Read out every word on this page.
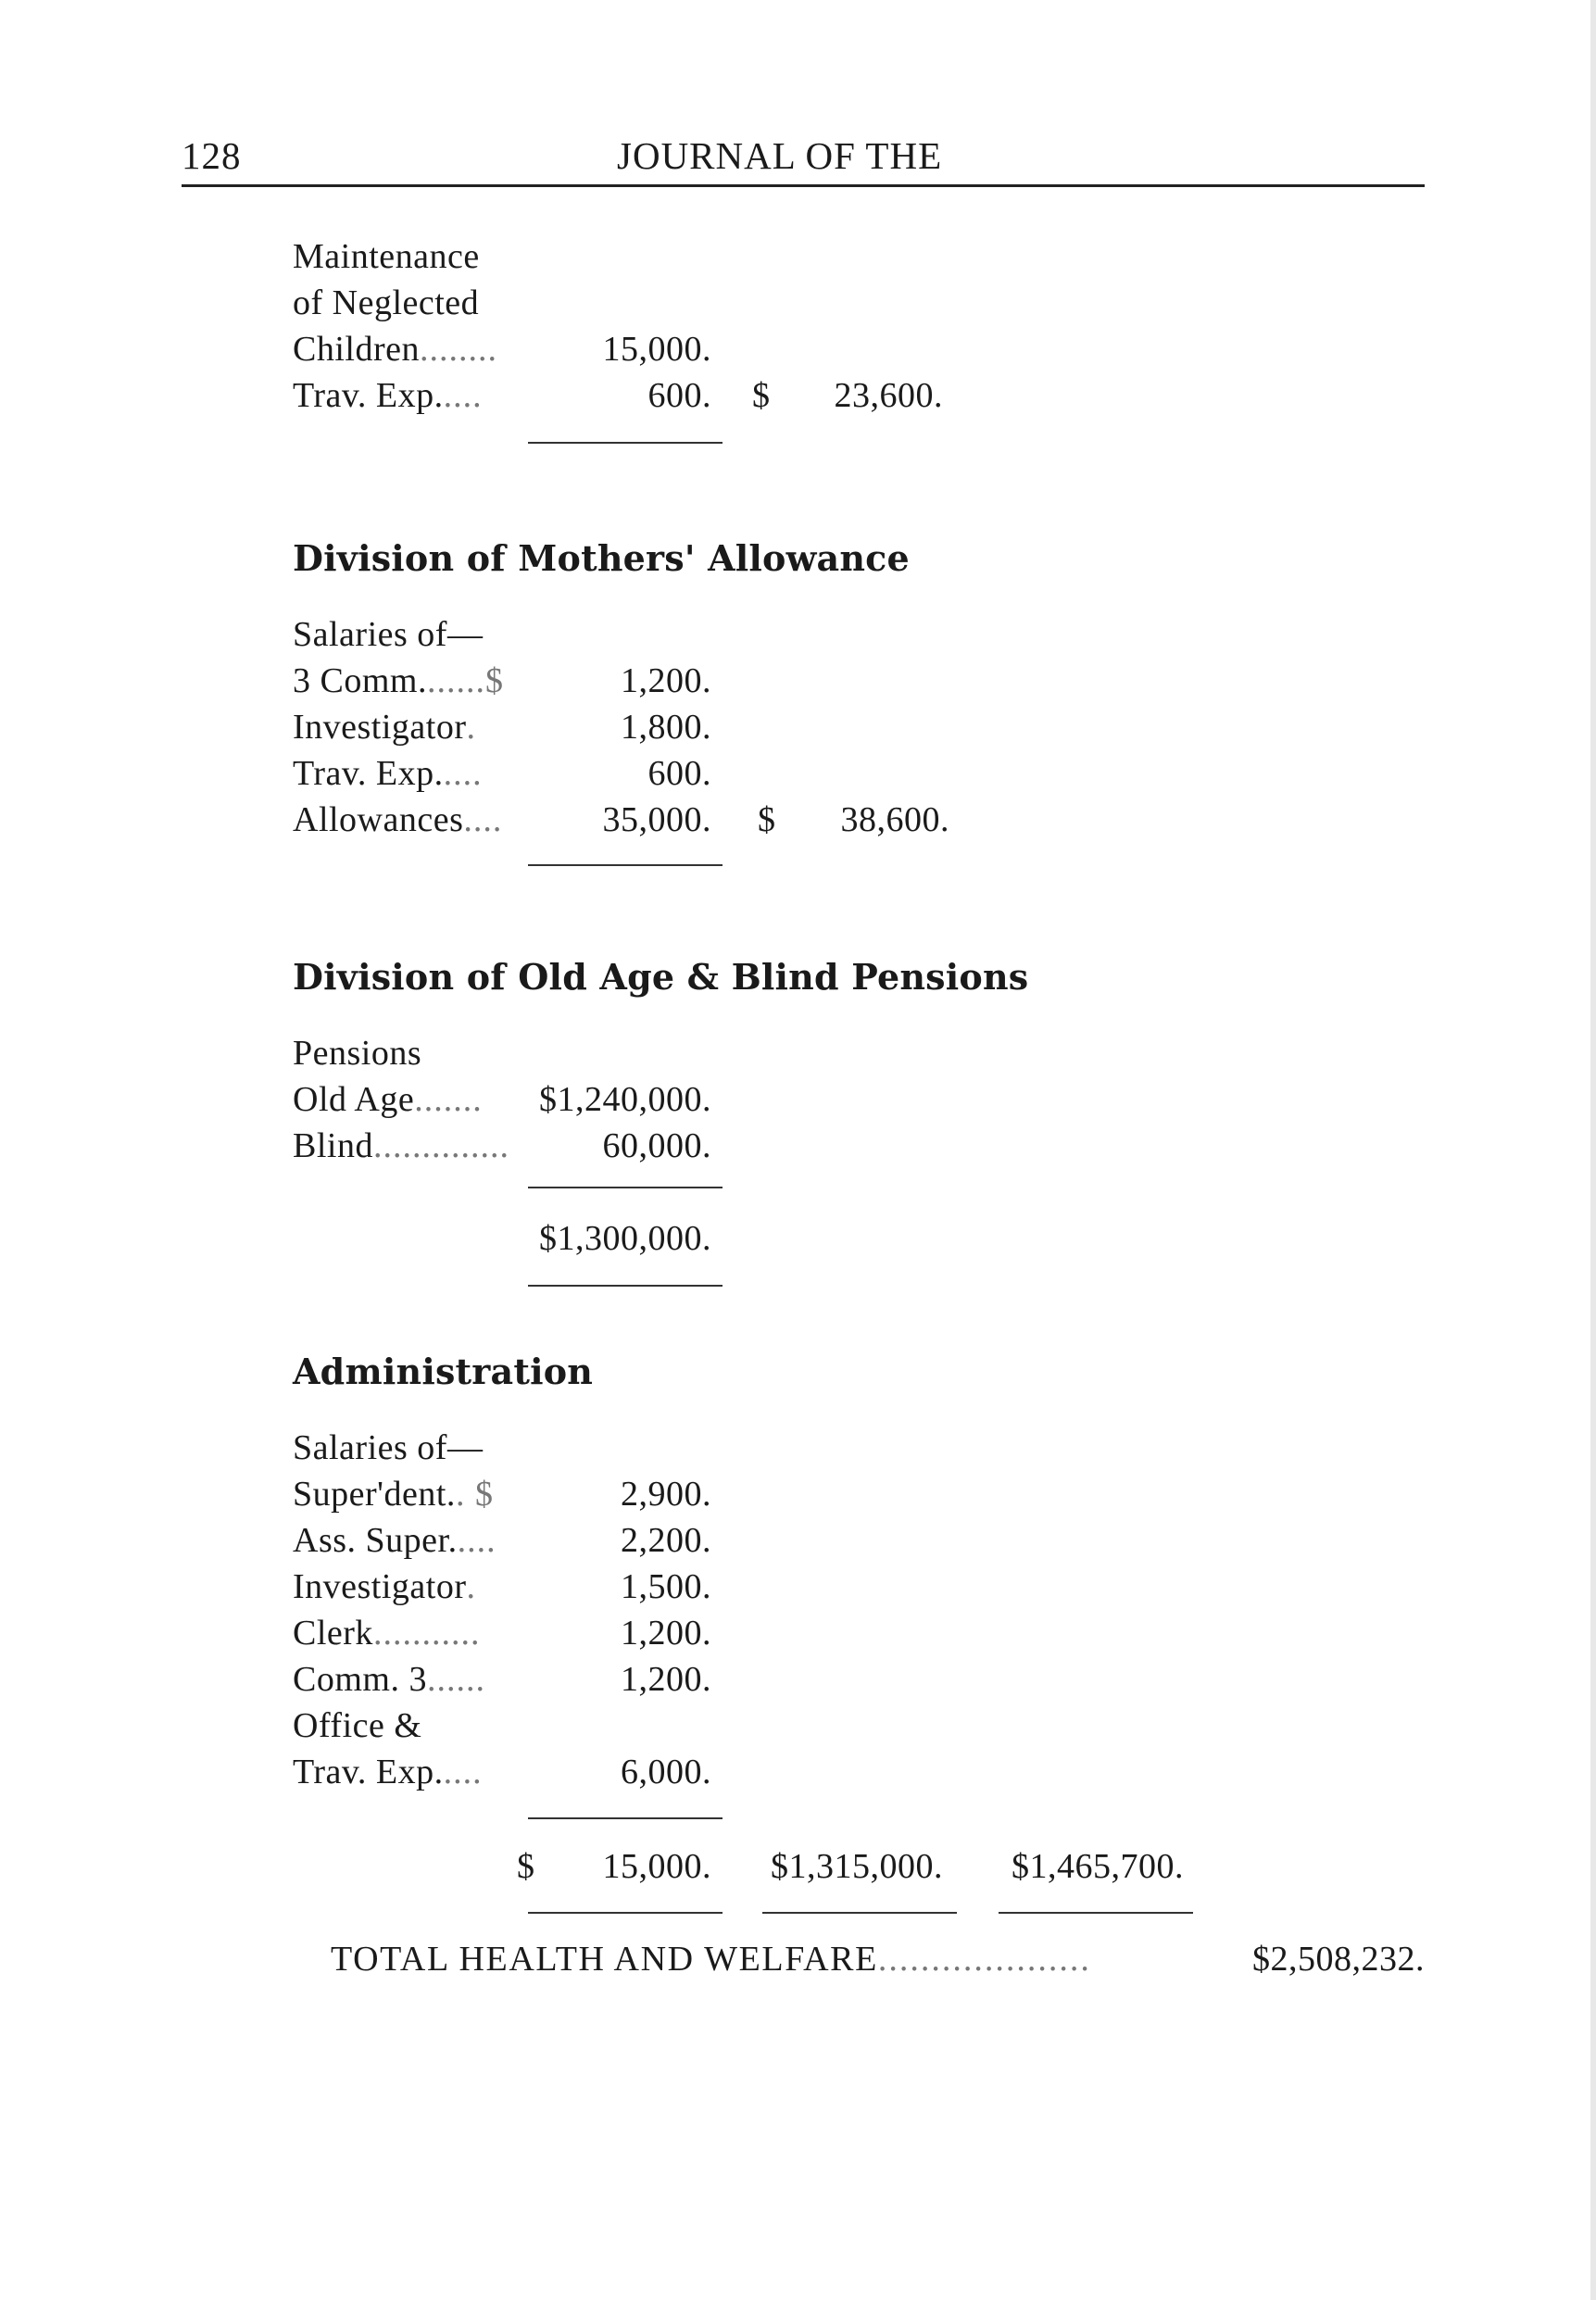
128	JOURNAL OF THE
Maintenance
of Neglected
Children........	15,000.
Trav. Exp.....	600. $ 23,600.
Division of Mothers' Allowance
Salaries of—
3 Comm.......$	1,200.
Investigator.	1,800.
Trav. Exp.....	600.
Allowances....	35,000. $ 38,600.
Division of Old Age & Blind Pensions
Pensions
Old Age....... $1,240,000.
Blind..............	60,000.
$1,300,000.
Administration
Salaries of—
Super'dent.. $	2,900.
Ass. Super.....	2,200.
Investigator.	1,500.
Clerk...........	1,200.
Comm. 3......	1,200.
Office &
Trav. Exp.....	6,000.
$ 15,000. $1,315,000. $1,465,700.
TOTAL HEALTH AND WELFARE....................	$2,508,232.
